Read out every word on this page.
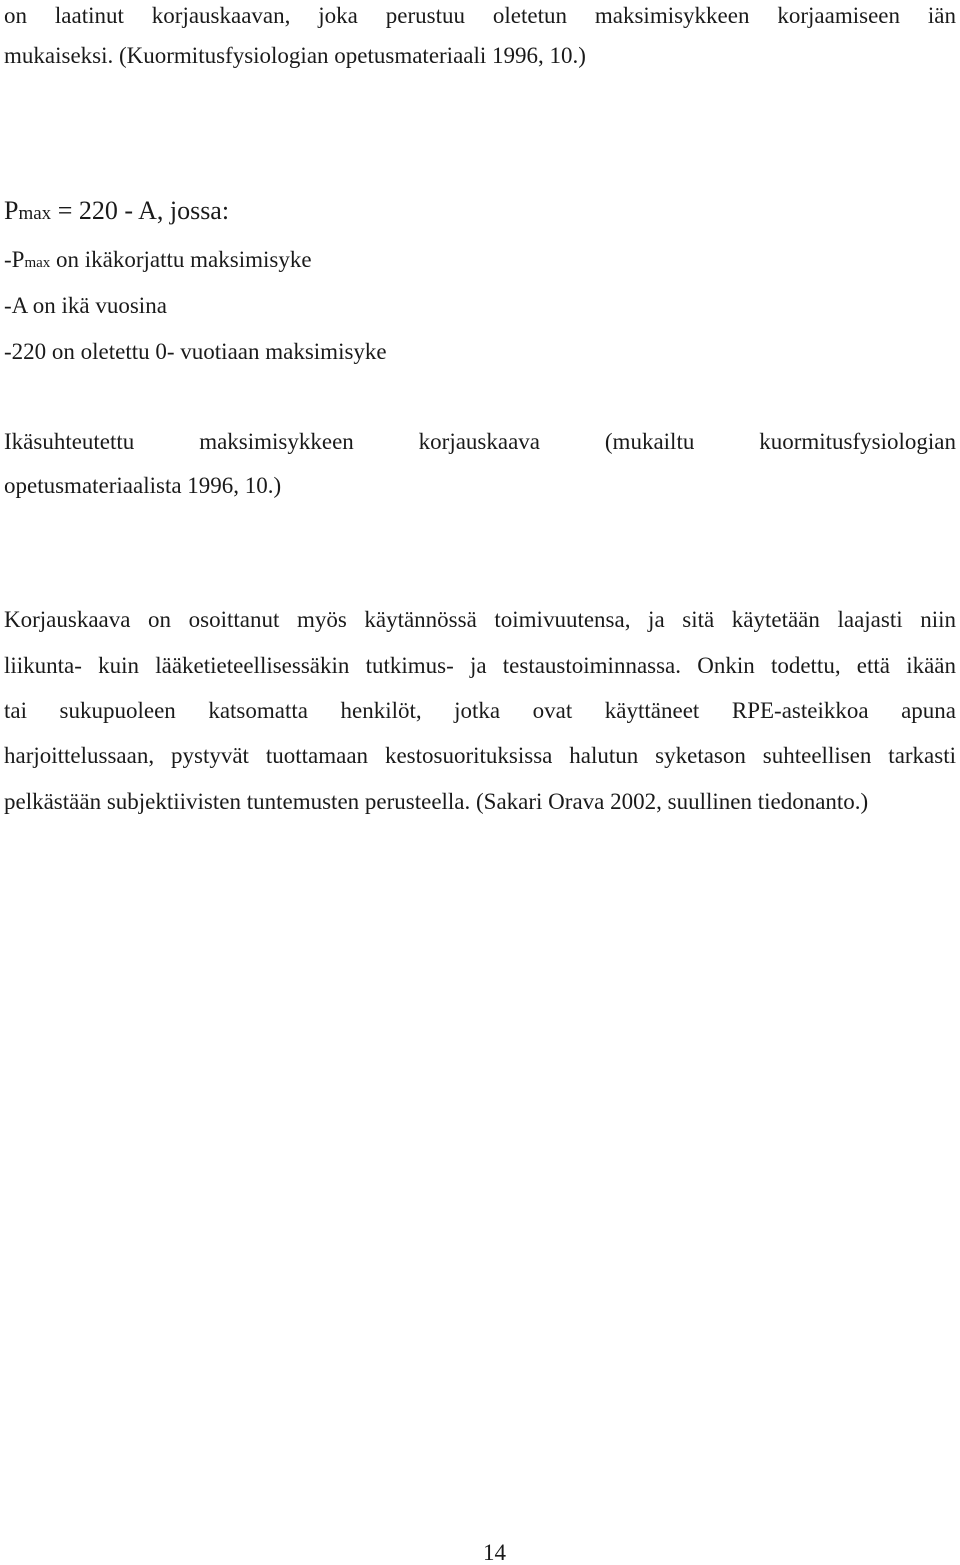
on laatinut korjauskaavan, joka perustuu oletetun maksimisykkeen korjaamiseen iän
mukaiseksi. (Kuormitusfysiologian opetusmateriaali 1996, 10.)
Pmax = 220 - A, jossa:
-Pmax on ikäkorjattu maksimisyke
-A on ikä vuosina
-220 on oletettu 0- vuotiaan maksimisyke
Ikäsuhteutettu maksimisykkeen korjauskaava (mukailtu kuormitusfysiologian
opetusmateriaalista 1996, 10.)
Korjauskaava on osoittanut myös käytännössä toimivuutensa, ja sitä käytetään laajasti niin
liikunta- kuin lääketieteellisessäkin tutkimus- ja testaustoiminnassa. Onkin todettu, että ikään
tai sukupuoleen katsomatta henkilöt, jotka ovat käyttäneet RPE-asteikkoa apuna
harjoittelussaan, pystyvät tuottamaan kestosuorituksissa halutun syketason suhteellisen tarkasti
pelkästään subjektiivisten tuntemusten perusteella. (Sakari Orava 2002, suullinen tiedonanto.)
14
